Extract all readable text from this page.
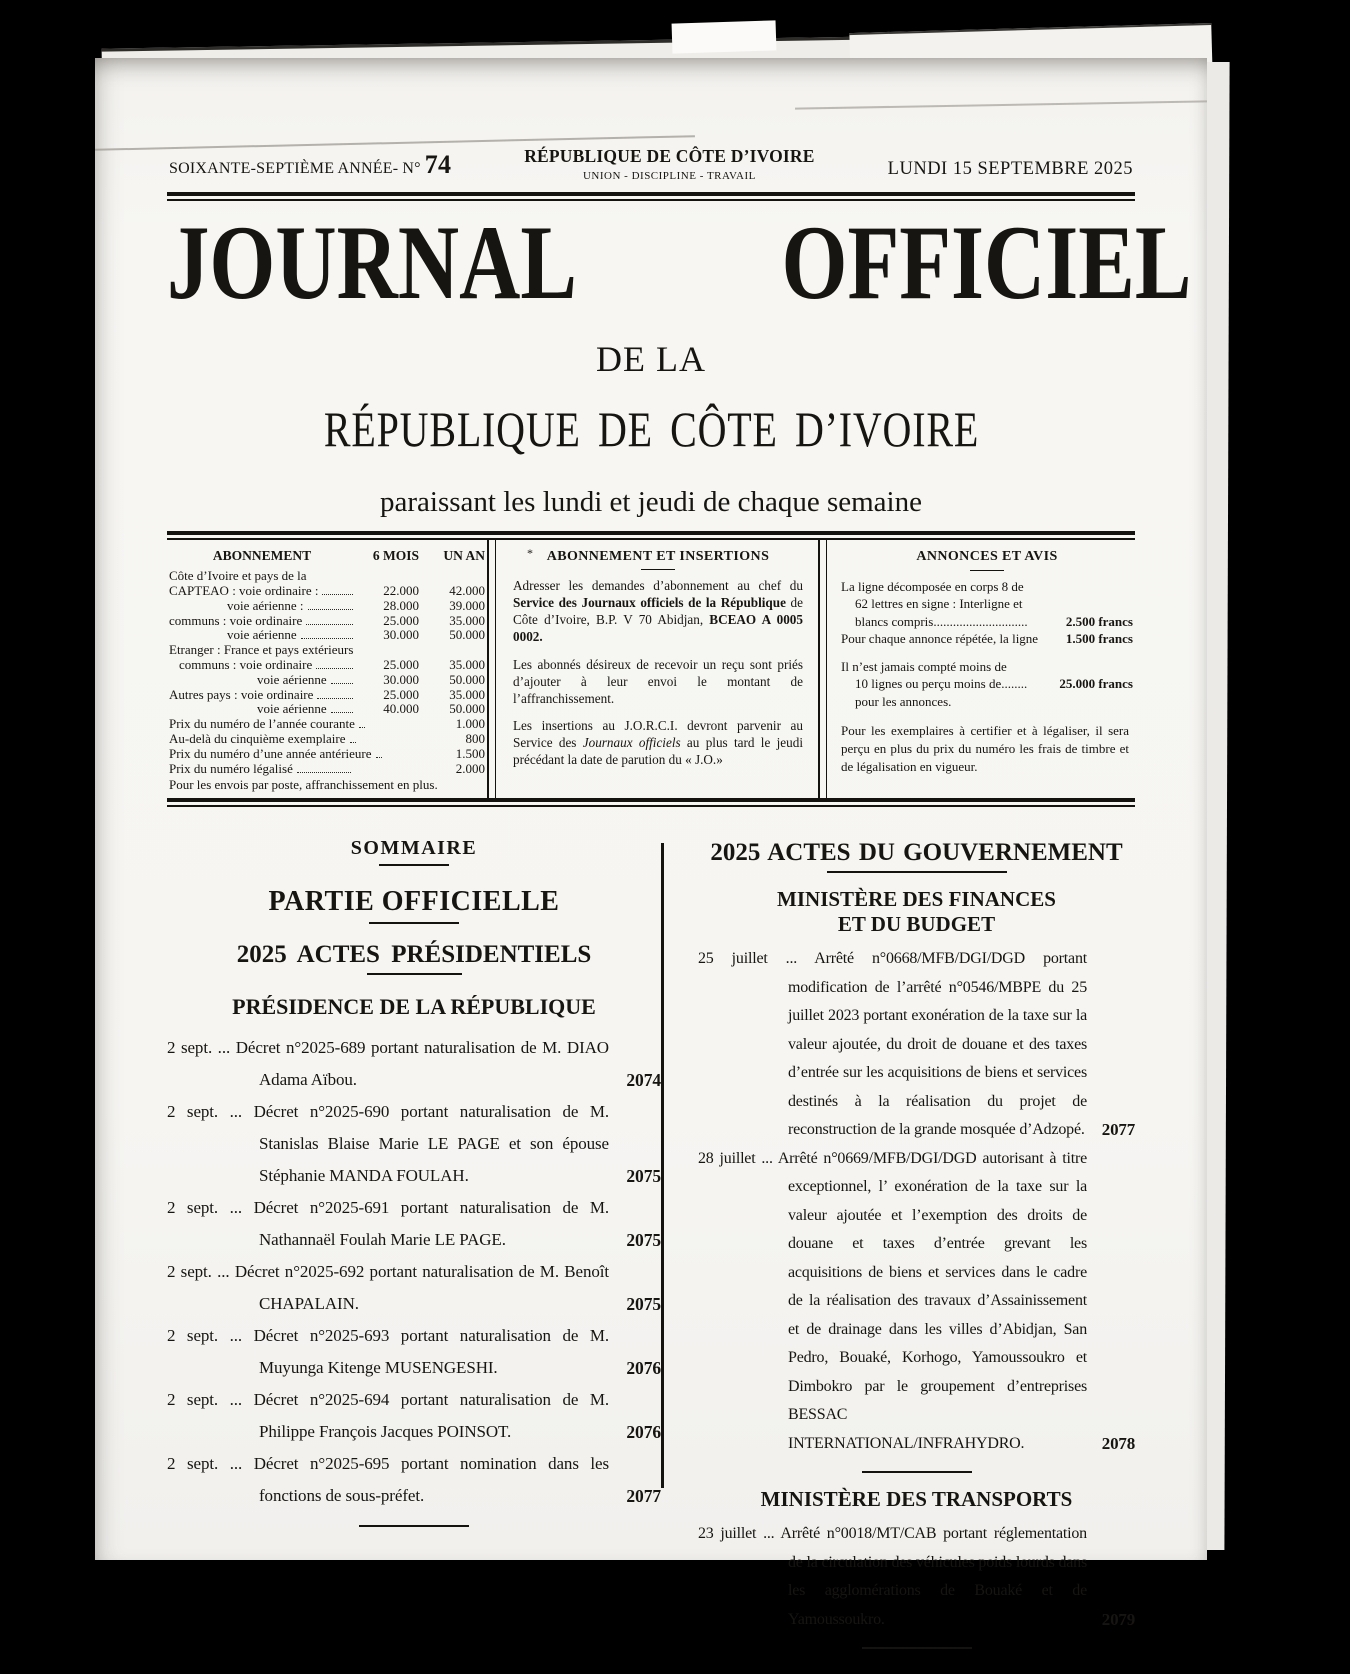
SOIXANTE-SEPTIÈME ANNÉE- N° 74	RÉPUBLIQUE DE CÔTE D’IVOIRE
UNION - DISCIPLINE - TRAVAIL	LUNDI 15 SEPTEMBRE 2025
JOURNAL OFFICIEL
DE LA
RÉPUBLIQUE DE CÔTE D’IVOIRE
paraissant les lundi et jeudi de chaque semaine
ABONNEMENT	6 MOIS	UN AN
Côte d’Ivoire et pays de la
CAPTEAO : voie ordinaire :	22.000	42.000
voie aérienne :	28.000	39.000
communs : voie ordinaire	25.000	35.000
voie aérienne	30.000	50.000
Etranger : France et pays extérieurs
communs : voie ordinaire	25.000	35.000
voie aérienne	30.000	50.000
Autres pays : voie ordinaire	25.000	35.000
voie aérienne	40.000	50.000
Prix du numéro de l’année courante	1.000
Au-delà du cinquième exemplaire	800
Prix du numéro d’une année antérieure	1.500
Prix du numéro légalisé	2.000
Pour les envois par poste, affranchissement en plus.
* ABONNEMENT ET INSERTIONS

Adresser les demandes d’abonnement au chef du Service des Journaux officiels de la République de Côte d’Ivoire, B.P. V 70 Abidjan, BCEAO A 0005 0002.

Les abonnés désireux de recevoir un reçu sont priés d’ajouter à leur envoi le montant de l’affranchissement.

Les insertions au J.O.R.C.I. devront parvenir au Service des Journaux officiels au plus tard le jeudi précédant la date de parution du « J.O.»

ANNONCES ET AVIS
La ligne décomposée en corps 8 de
62 lettres en signe : Interligne et
blancs compris.............................	2.500 francs
Pour chaque annonce répétée, la ligne	1.500 francs
Il n’est jamais compté moins de
10 lignes ou perçu moins de........	25.000 francs
pour les annonces.
Pour les exemplaires à certifier et à légaliser, il sera perçu en plus du prix du numéro les frais de timbre et de légalisation en vigueur.
SOMMAIRE
PARTIE OFFICIELLE
2025 ACTES PRÉSIDENTIELS
PRÉSIDENCE DE LA RÉPUBLIQUE
2 sept. ... Décret n°2025-689 portant naturalisation de M. DIAO Adama Aïbou.	2074
2 sept. ... Décret n°2025-690 portant naturalisation de M. Stanislas Blaise Marie LE PAGE et son épouse Stéphanie MANDA FOULAH.	2075
2 sept. ... Décret n°2025-691 portant naturalisation de M. Nathannaël Foulah Marie LE PAGE.	2075
2 sept. ... Décret n°2025-692 portant naturalisation de M. Benoît CHAPALAIN.	2075
2 sept. ... Décret n°2025-693 portant naturalisation de M. Muyunga Kitenge MUSENGESHI.	2076
2 sept. ... Décret n°2025-694 portant naturalisation de M. Philippe François Jacques POINSOT.	2076
2 sept. ... Décret n°2025-695 portant nomination dans les fonctions de sous-préfet.	2077
2025 ACTES DU GOUVERNEMENT
MINISTÈRE DES FINANCES
ET DU BUDGET
25 juillet ... Arrêté n°0668/MFB/DGI/DGD portant modification de l’arrêté n°0546/MBPE du 25 juillet 2023 portant exonération de la taxe sur la valeur ajoutée, du droit de douane et des taxes d’entrée sur les acquisitions de biens et services destinés à la réalisation du projet de reconstruction de la grande mosquée d’Adzopé.	2077
28 juillet ... Arrêté n°0669/MFB/DGI/DGD autorisant à titre exceptionnel, l’ exonération de la taxe sur la valeur ajoutée et l’exemption des droits de douane et taxes d’entrée grevant les acquisitions de biens et services dans le cadre de la réalisation des travaux d’Assainissement et de drainage dans les villes d’Abidjan, San Pedro, Bouaké, Korhogo, Yamoussoukro et Dimbokro par le groupement d’entreprises BESSAC INTERNATIONAL/INFRAHYDRO.	2078
MINISTÈRE DES TRANSPORTS
23 juillet ... Arrêté n°0018/MT/CAB portant réglementation de la circulation des véhicules poids lourds dans les agglomérations de Bouaké et de Yamoussoukro.	2079
